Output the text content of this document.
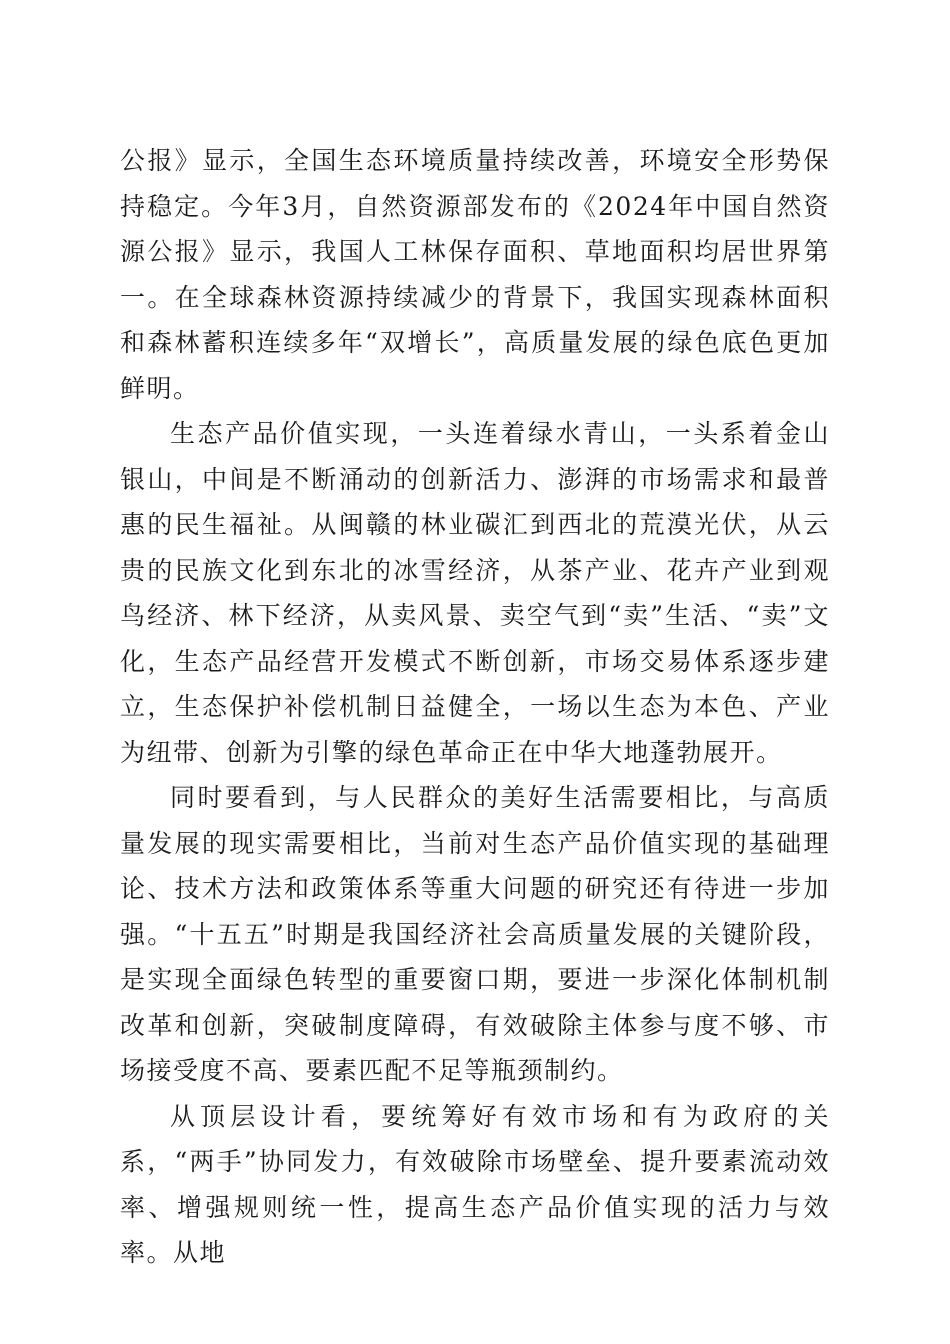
公报》显示，全国生态环境质量持续改善，环境安全形势保持稳定。今年3月，自然资源部发布的《2024年中国自然资源公报》显示，我国人工林保存面积、草地面积均居世界第一。在全球森林资源持续减少的背景下，我国实现森林面积和森林蓄积连续多年“双增长”，高质量发展的绿色底色更加鲜明。

生态产品价值实现，一头连着绿水青山，一头系着金山银山，中间是不断涌动的创新活力、澎湃的市场需求和最普惠的民生福祉。从闽赣的林业碳汇到西北的荒漠光伏，从云贵的民族文化到东北的冰雪经济，从茶产业、花卉产业到观鸟经济、林下经济，从卖风景、卖空气到“卖”生活、“卖”文化，生态产品经营开发模式不断创新，市场交易体系逐步建立，生态保护补偿机制日益健全，一场以生态为本色、产业为纽带、创新为引擎的绿色革命正在中华大地蓬勃展开。

同时要看到，与人民群众的美好生活需要相比，与高质量发展的现实需要相比，当前对生态产品价值实现的基础理论、技术方法和政策体系等重大问题的研究还有待进一步加强。“十五五”时期是我国经济社会高质量发展的关键阶段，是实现全面绿色转型的重要窗口期，要进一步深化体制机制改革和创新，突破制度障碍，有效破除主体参与度不够、市场接受度不高、要素匹配不足等瓶颈制约。

从顶层设计看，要统筹好有效市场和有为政府的关系，“两手”协同发力，有效破除市场壁垒、提升要素流动效率、增强规则统一性，提高生态产品价值实现的活力与效率。从地
